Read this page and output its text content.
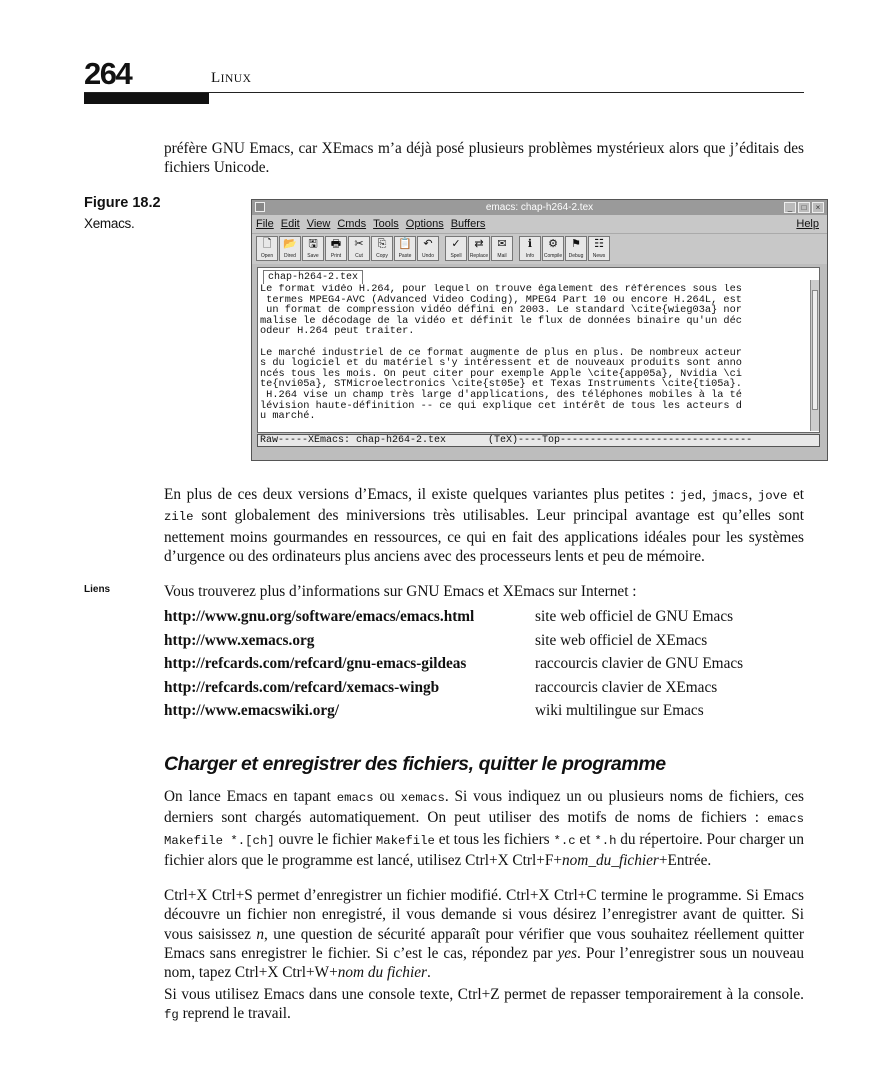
264	LINUX

préfère GNU Emacs, car XEmacs m’a déjà posé plusieurs problèmes mystérieux alors que j’éditais des fichiers Unicode.

Figure 18.2
Xemacs.
emacs: chap-h264-2.tex	_	□	×
File Edit View Cmds Tools Options Buffers	Help
🗋
Open
📂
Dired
🖫
Save
🖶
Print
✂
Cut
⎘
Copy
📋
Paste
↶
Undo
✓
Spell
⇄
Replace
✉
Mail
ℹ
Info
⚙
Compile
⚑
Debug
☷
News
chap-h264-2.tex
Le format vidéo H.264, pour lequel on trouve également des références sous les
termes MPEG4-AVC (Advanced Video Coding), MPEG4 Part 10 ou encore H.264L, est
un format de compression vidéo défini en 2003. Le standard \cite{wieg03a} nor
malise le décodage de la vidéo et définit le flux de données binaire qu'un déc
odeur H.264 peut traiter.
Le marché industriel de ce format augmente de plus en plus. De nombreux acteur
s du logiciel et du matériel s'y intéressent et de nouveaux produits sont anno
ncés tous les mois. On peut citer pour exemple Apple \cite{app05a}, Nvidia \ci
te{nvi05a}, STMicroelectronics \cite{st05e} et Texas Instruments \cite{ti05a}.
H.264 vise un champ très large d'applications, des téléphones mobiles à la té
lévision haute-définition -- ce qui explique cet intérêt de tous les acteurs d
u marché.
Raw-----XEmacs: chap-h264-2.tex       (TeX)----Top--------------------------------

En plus de ces deux versions d’Emacs, il existe quelques variantes plus petites : jed, jmacs, jove et zile sont globalement des miniversions très utilisables. Leur principal avantage est qu’elles sont nettement moins gourmandes en ressources, ce qui en fait des applications idéales pour les systèmes d’urgence ou des ordinateurs plus anciens avec des processeurs lents et peu de mémoire.

Liens	Vous trouverez plus d’informations sur GNU Emacs et XEmacs sur Internet :

http://www.gnu.org/software/emacs/emacs.html	site web officiel de GNU Emacs
http://www.xemacs.org	site web officiel de XEmacs
http://refcards.com/refcard/gnu-emacs-gildeas	raccourcis clavier de GNU Emacs
http://refcards.com/refcard/xemacs-wingb	raccourcis clavier de XEmacs
http://www.emacswiki.org/	wiki multilingue sur Emacs
Charger et enregistrer des fichiers, quitter le programme

On lance Emacs en tapant emacs ou xemacs. Si vous indiquez un ou plusieurs noms de fichiers, ces derniers sont chargés automatiquement. On peut utiliser des motifs de noms de fichiers : emacs Makefile *.[ch] ouvre le fichier Makefile et tous les fichiers *.c et *.h du répertoire. Pour charger un fichier alors que le programme est lancé, utilisez Ctrl+X Ctrl+F+nom_du_fichier+Entrée.

Ctrl+X Ctrl+S permet d’enregistrer un fichier modifié. Ctrl+X Ctrl+C termine le programme. Si Emacs découvre un fichier non enregistré, il vous demande si vous désirez l’enregistrer avant de quitter. Si vous saisissez n, une question de sécurité apparaît pour vérifier que vous souhaitez réellement quitter Emacs sans enregistrer le fichier. Si c’est le cas, répondez par yes. Pour l’enregistrer sous un nouveau nom, tapez Ctrl+X Ctrl+W+nom du fichier.

Si vous utilisez Emacs dans une console texte, Ctrl+Z permet de repasser temporairement à la console. fg reprend le travail.
